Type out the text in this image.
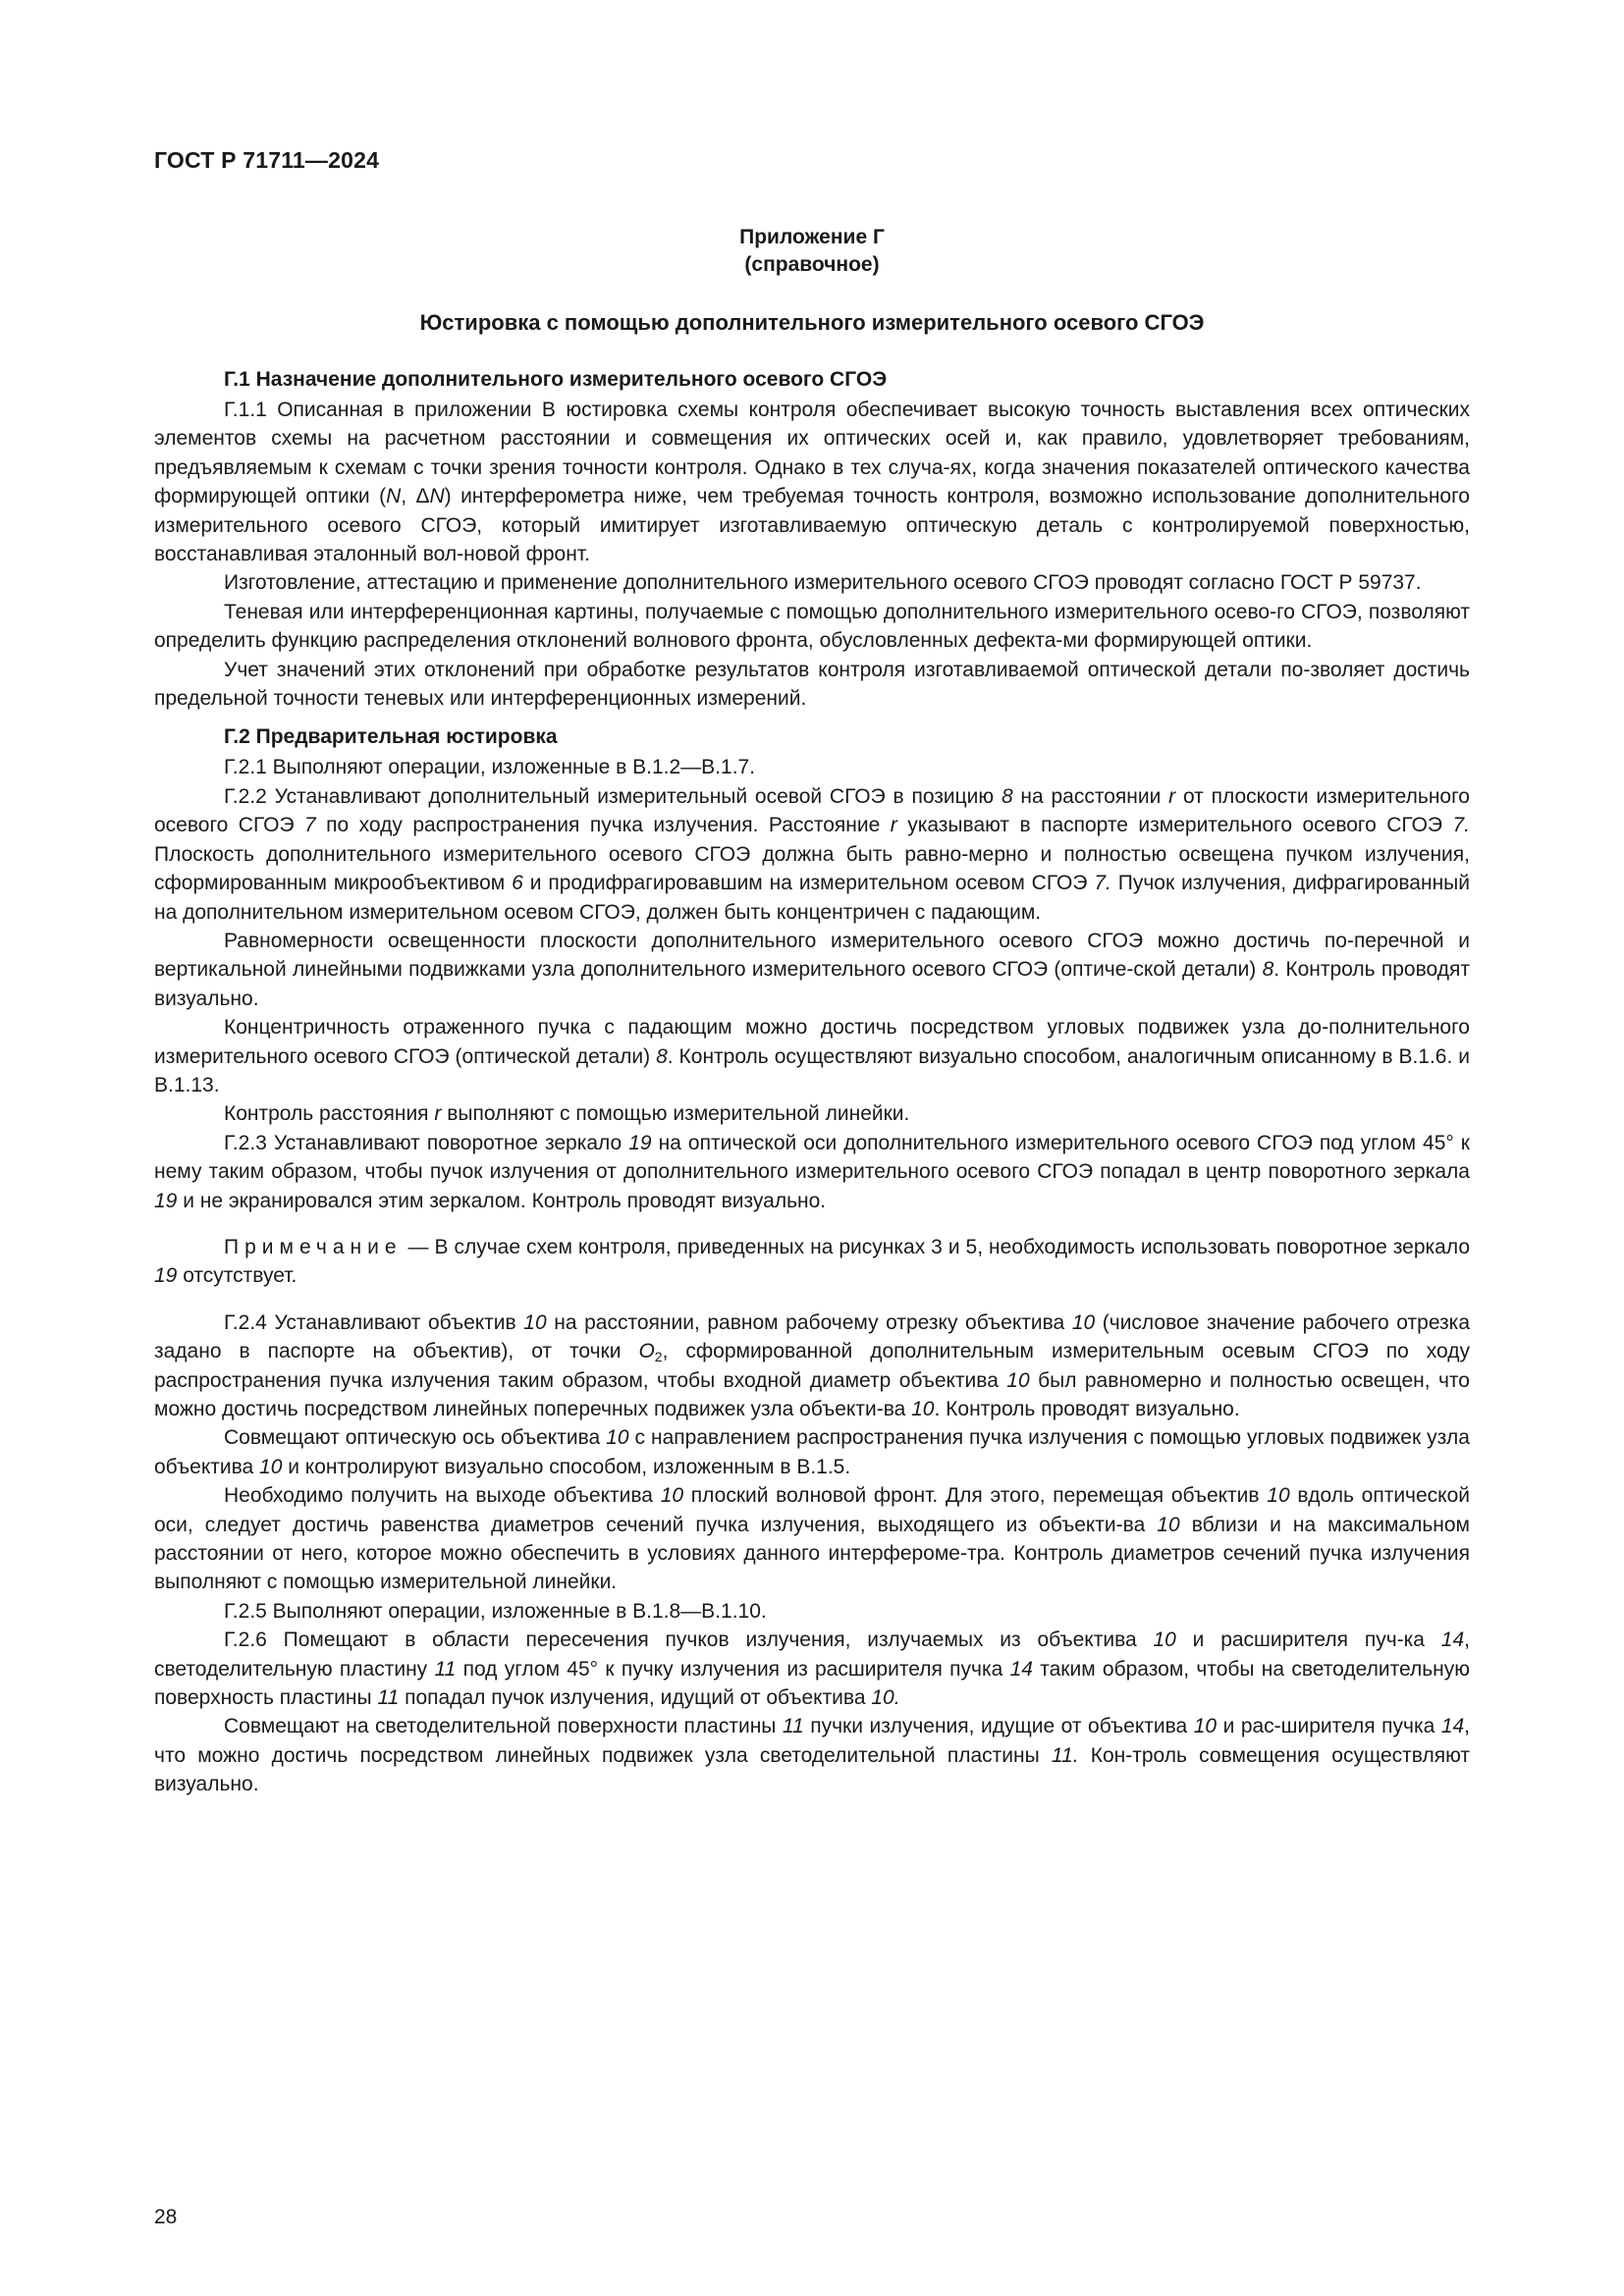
ГОСТ Р 71711—2024
Приложение Г
(справочное)
Юстировка с помощью дополнительного измерительного осевого СГОЭ
Г.1 Назначение дополнительного измерительного осевого СГОЭ

Г.1.1 Описанная в приложении В юстировка схемы контроля обеспечивает высокую точность выставления всех оптических элементов схемы на расчетном расстоянии и совмещения их оптических осей и, как правило, удовлетворяет требованиям, предъявляемым к схемам с точки зрения точности контроля. Однако в тех случа-ях, когда значения показателей оптического качества формирующей оптики (N, ΔN) интерферометра ниже, чем требуемая точность контроля, возможно использование дополнительного измерительного осевого СГОЭ, который имитирует изготавливаемую оптическую деталь с контролируемой поверхностью, восстанавливая эталонный вол-новой фронт.

Изготовление, аттестацию и применение дополнительного измерительного осевого СГОЭ проводят согласно ГОСТ Р 59737.

Теневая или интерференционная картины, получаемые с помощью дополнительного измерительного осево-го СГОЭ, позволяют определить функцию распределения отклонений волнового фронта, обусловленных дефекта-ми формирующей оптики.

Учет значений этих отклонений при обработке результатов контроля изготавливаемой оптической детали по-зволяет достичь предельной точности теневых или интерференционных измерений.

Г.2 Предварительная юстировка

Г.2.1 Выполняют операции, изложенные в В.1.2—В.1.7.

Г.2.2 Устанавливают дополнительный измерительный осевой СГОЭ в позицию 8 на расстоянии r от плоскости измерительного осевого СГОЭ 7 по ходу распространения пучка излучения. Расстояние r указывают в паспорте измерительного осевого СГОЭ 7. Плоскость дополнительного измерительного осевого СГОЭ должна быть равно-мерно и полностью освещена пучком излучения, сформированным микрообъективом 6 и продифрагировавшим на измерительном осевом СГОЭ 7. Пучок излучения, дифрагированный на дополнительном измерительном осевом СГОЭ, должен быть концентричен с падающим.

Равномерности освещенности плоскости дополнительного измерительного осевого СГОЭ можно достичь по-перечной и вертикальной линейными подвижками узла дополнительного измерительного осевого СГОЭ (оптиче-ской детали) 8. Контроль проводят визуально.

Концентричность отраженного пучка с падающим можно достичь посредством угловых подвижек узла до-полнительного измерительного осевого СГОЭ (оптической детали) 8. Контроль осуществляют визуально способом, аналогичным описанному в В.1.6. и В.1.13.

Контроль расстояния r выполняют с помощью измерительной линейки.

Г.2.3 Устанавливают поворотное зеркало 19 на оптической оси дополнительного измерительного осевого СГОЭ под углом 45° к нему таким образом, чтобы пучок излучения от дополнительного измерительного осевого СГОЭ попадал в центр поворотного зеркала 19 и не экранировался этим зеркалом. Контроль проводят визуально.

Примечание — В случае схем контроля, приведенных на рисунках 3 и 5, необходимость использовать поворотное зеркало 19 отсутствует.

Г.2.4 Устанавливают объектив 10 на расстоянии, равном рабочему отрезку объектива 10 (числовое значение рабочего отрезка задано в паспорте на объектив), от точки $O_2$, сформированной дополнительным измерительным осевым СГОЭ по ходу распространения пучка излучения таким образом, чтобы входной диаметр объектива 10 был равномерно и полностью освещен, что можно достичь посредством линейных поперечных подвижек узла объекти-ва 10. Контроль проводят визуально.

Совмещают оптическую ось объектива 10 с направлением распространения пучка излучения с помощью угловых подвижек узла объектива 10 и контролируют визуально способом, изложенным в В.1.5.

Необходимо получить на выходе объектива 10 плоский волновой фронт. Для этого, перемещая объектив 10 вдоль оптической оси, следует достичь равенства диаметров сечений пучка излучения, выходящего из объекти-ва 10 вблизи и на максимальном расстоянии от него, которое можно обеспечить в условиях данного интерфероме-тра. Контроль диаметров сечений пучка излучения выполняют с помощью измерительной линейки.

Г.2.5 Выполняют операции, изложенные в В.1.8—В.1.10.

Г.2.6 Помещают в области пересечения пучков излучения, излучаемых из объектива 10 и расширителя пуч-ка 14, светоделительную пластину 11 под углом 45° к пучку излучения из расширителя пучка 14 таким образом, чтобы на светоделительную поверхность пластины 11 попадал пучок излучения, идущий от объектива 10.

Совмещают на светоделительной поверхности пластины 11 пучки излучения, идущие от объектива 10 и рас-ширителя пучка 14, что можно достичь посредством линейных подвижек узла светоделительной пластины 11. Кон-троль совмещения осуществляют визуально.

28
